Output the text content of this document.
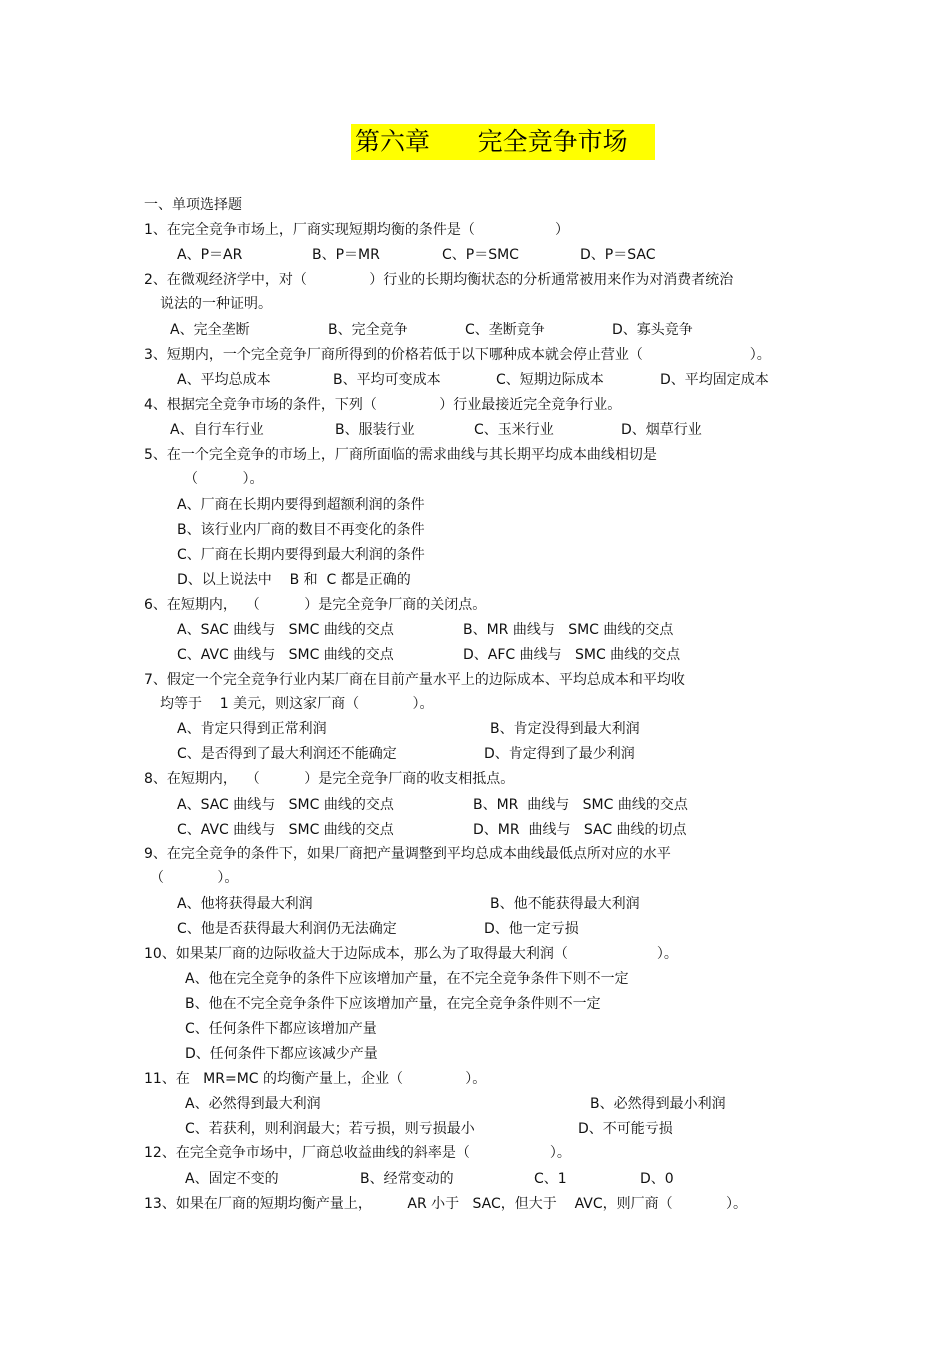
第六章      完全竞争市场
一、单项选择题
1、在完全竞争市场上，厂商实现短期均衡的条件是（                  ）
A、P＝AR	B、P＝MR	C、P＝SMC	D、P＝SAC
2、在微观经济学中，对（              ）行业的长期均衡状态的分析通常被用来作为对消费者统治
说法的一种证明。
A、完全垄断	B、完全竞争	C、垄断竞争	D、寡头竞争
3、短期内，一个完全竞争厂商所得到的价格若低于以下哪种成本就会停止营业（                        ）。
A、平均总成本	B、平均可变成本	C、短期边际成本	D、平均固定成本
4、根据完全竞争市场的条件，下列（              ）行业最接近完全竞争行业。
A、自行车行业	B、服装行业	C、玉米行业	D、烟草行业
5、在一个完全竞争的市场上，厂商所面临的需求曲线与其长期平均成本曲线相切是
（          ）。
A、厂商在长期内要得到超额利润的条件
B、该行业内厂商的数目不再变化的条件
C、厂商在长期内要得到最大利润的条件
D、以上说法中    B 和  C 都是正确的
6、在短期内，  （          ）是完全竞争厂商的关闭点。
A、SAC 曲线与   SMC 曲线的交点	B、MR 曲线与   SMC 曲线的交点
C、AVC 曲线与   SMC 曲线的交点	D、AFC 曲线与   SMC 曲线的交点
7、假定一个完全竞争行业内某厂商在目前产量水平上的边际成本、平均总成本和平均收
均等于    1 美元，则这家厂商（            ）。
A、肯定只得到正常利润	B、肯定没得到最大利润
C、是否得到了最大利润还不能确定	D、肯定得到了最少利润
8、在短期内，  （          ）是完全竞争厂商的收支相抵点。
A、SAC 曲线与   SMC 曲线的交点	B、MR  曲线与   SMC 曲线的交点
C、AVC 曲线与   SMC 曲线的交点	D、MR  曲线与   SAC 曲线的切点
9、在完全竞争的条件下，如果厂商把产量调整到平均总成本曲线最低点所对应的水平
（            ）。
A、他将获得最大利润	B、他不能获得最大利润
C、他是否获得最大利润仍无法确定	D、他一定亏损
10、如果某厂商的边际收益大于边际成本，那么为了取得最大利润（                    ）。
A、他在完全竞争的条件下应该增加产量，在不完全竞争条件下则不一定
B、他在不完全竞争条件下应该增加产量，在完全竞争条件则不一定
C、任何条件下都应该增加产量
D、任何条件下都应该减少产量
11、在   MR=MC 的均衡产量上，企业（              ）。
A、必然得到最大利润	B、必然得到最小利润
C、若获利，则利润最大；若亏损，则亏损最小	D、不可能亏损
12、在完全竞争市场中，厂商总收益曲线的斜率是（                  ）。
A、固定不变的	B、经常变动的	C、1	D、0
13、如果在厂商的短期均衡产量上，        AR 小于   SAC，但大于    AVC，则厂商（            ）。
